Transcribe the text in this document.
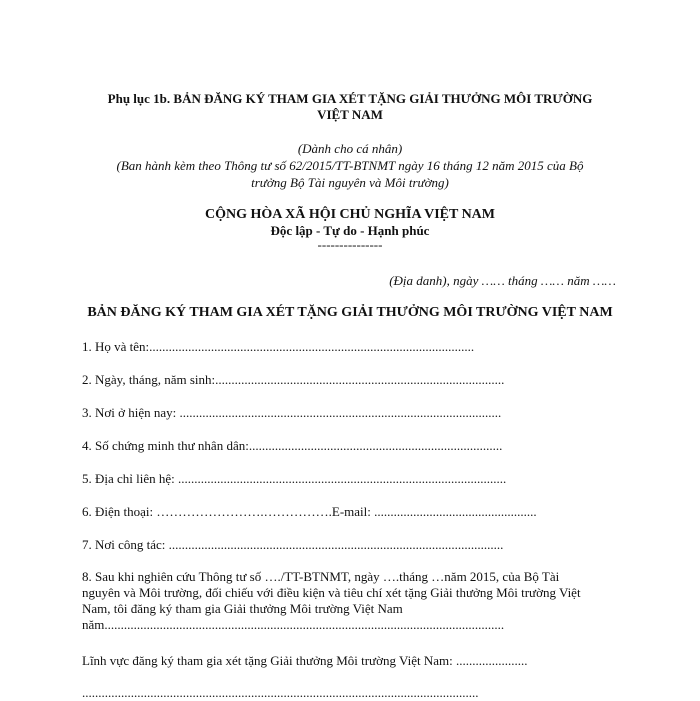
Phụ lục 1b. BẢN ĐĂNG KÝ THAM GIA XÉT TẶNG GIẢI THƯỞNG MÔI TRƯỜNG
VIỆT NAM
(Dành cho cá nhân)
(Ban hành kèm theo Thông tư số 62/2015/TT-BTNMT ngày 16 tháng 12 năm 2015 của Bộ
trưởng Bộ Tài nguyên và Môi trường)
CỘNG HÒA XÃ HỘI CHỦ NGHĨA VIỆT NAM
Độc lập - Tự do - Hạnh phúc
---------------
(Địa danh), ngày …… tháng …… năm ……
BẢN ĐĂNG KÝ THAM GIA XÉT TẶNG GIẢI THƯỞNG MÔI TRƯỜNG VIỆT NAM
1. Họ và tên:....................................................................................................
2. Ngày, tháng, năm sinh:.........................................................................................
3. Nơi ở hiện nay: ...................................................................................................
4. Số chứng minh thư nhân dân:..............................................................................
5. Địa chỉ liên hệ: .....................................................................................................
6. Điện thoại: …………………….…………….E-mail: ..................................................
7. Nơi công tác: .......................................................................................................
8. Sau khi nghiên cứu Thông tư số …./TT-BTNMT, ngày ….tháng …năm 2015, của Bộ Tài
nguyên và Môi trường, đối chiếu với điều kiện và tiêu chí xét tặng Giải thưởng Môi trường Việt
Nam, tôi đăng ký tham gia Giải thưởng Môi trường Việt Nam
năm...........................................................................................................................
Lĩnh vực đăng ký tham gia xét tặng Giải thưởng Môi trường Việt Nam: ......................
..........................................................................................................................
